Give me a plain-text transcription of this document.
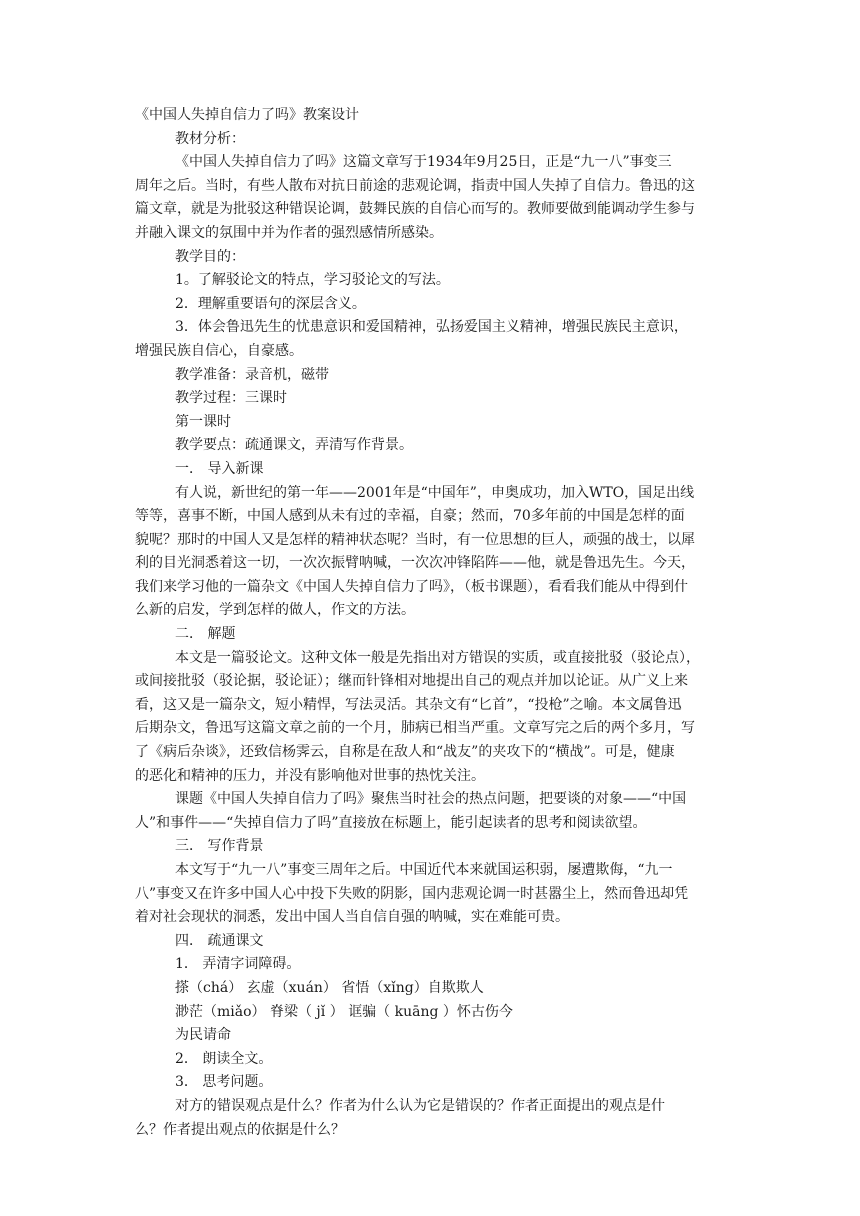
《中国人失掉自信力了吗》教案设计
教材分析：
《中国人失掉自信力了吗》这篇文章写于1934年9月25日，正是“九一八”事变三
周年之后。当时，有些人散布对抗日前途的悲观论调，指责中国人失掉了自信力。鲁迅的这
篇文章，就是为批驳这种错误论调，鼓舞民族的自信心而写的。教师要做到能调动学生参与
并融入课文的氛围中并为作者的强烈感情所感染。
教学目的：
1。了解驳论文的特点，学习驳论文的写法。
2．理解重要语句的深层含义。
3．体会鲁迅先生的忧患意识和爱国精神，弘扬爱国主义精神，增强民族民主意识，
增强民族自信心，自豪感。
教学准备：录音机，磁带
教学过程：三课时
第一课时
教学要点：疏通课文，弄清写作背景。
一． 导入新课
有人说，新世纪的第一年——2001年是“中国年”，申奥成功，加入WTO，国足出线
等等，喜事不断，中国人感到从未有过的幸福，自豪；然而，70多年前的中国是怎样的面
貌呢？那时的中国人又是怎样的精神状态呢？当时，有一位思想的巨人，顽强的战士，以犀
利的目光洞悉着这一切，一次次振臂呐喊，一次次冲锋陷阵——他，就是鲁迅先生。今天，
我们来学习他的一篇杂文《中国人失掉自信力了吗》，（板书课题），看看我们能从中得到什
么新的启发，学到怎样的做人，作文的方法。
二． 解题
本文是一篇驳论文。这种文体一般是先指出对方错误的实质，或直接批驳（驳论点），
或间接批驳（驳论据，驳论证）；继而针锋相对地提出自己的观点并加以论证。从广义上来
看，这又是一篇杂文，短小精悍，写法灵活。其杂文有“匕首”，“投枪”之喻。本文属鲁迅
后期杂文，鲁迅写这篇文章之前的一个月，肺病已相当严重。文章写完之后的两个多月，写
了《病后杂谈》，还致信杨霁云，自称是在敌人和“战友”的夹攻下的“横战”。可是，健康
的恶化和精神的压力，并没有影响他对世事的热忱关注。
课题《中国人失掉自信力了吗》聚焦当时社会的热点问题，把要谈的对象——“中国
人”和事件——“失掉自信力了吗”直接放在标题上，能引起读者的思考和阅读欲望。
三． 写作背景
本文写于“九一八”事变三周年之后。中国近代本来就国运积弱，屡遭欺侮，“九一
八”事变又在许多中国人心中投下失败的阴影，国内悲观论调一时甚嚣尘上，然而鲁迅却凭
着对社会现状的洞悉，发出中国人当自信自强的呐喊，实在难能可贵。
四． 疏通课文
1． 弄清字词障碍。
搽（chá） 玄虚（xuán） 省悟（xǐng）自欺欺人
渺茫（miǎo） 脊梁（ jǐ ） 诓骗（ kuāng ）怀古伤今
为民请命
2． 朗读全文。
3． 思考问题。
对方的错误观点是什么？作者为什么认为它是错误的？作者正面提出的观点是什
么？作者提出观点的依据是什么？
